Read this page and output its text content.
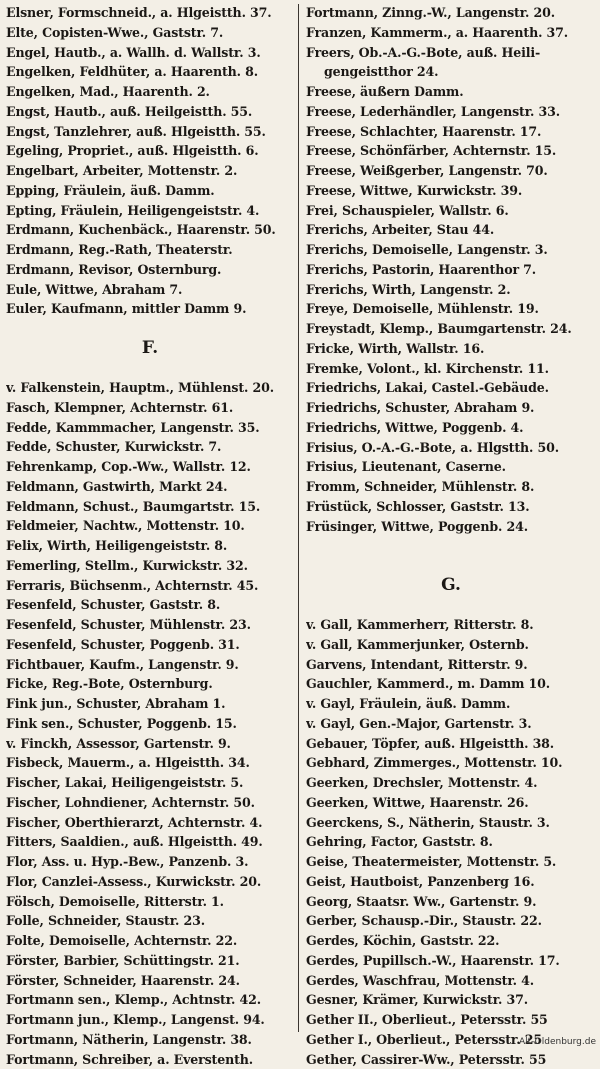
Elsner, Formschneid., a. Hlgeistth. 37.
Elte, Copisten-Wwe., Gaststr. 7.
Engel, Hautb., a. Wallh. d. Wallstr. 3.
Engelken, Feldhüter, a. Haarenth. 8.
Engelken, Mad., Haarenth. 2.
Engst, Hautb., auß. Heilgeistth. 55.
Engst, Tanzlehrer, auß. Hlgeistth. 55.
Egeling, Propriet., auß. Hlgeistth. 6.
Engelbart, Arbeiter, Mottenstr. 2.
Epping, Fräulein, äuß. Damm.
Epting, Fräulein, Heiligengeiststr. 4.
Erdmann, Kuchenbäck., Haarenstr. 50.
Erdmann, Reg.-Rath, Theaterstr.
Erdmann, Revisor, Osternburg.
Eule, Wittwe, Abraham 7.
Euler, Kaufmann, mittler Damm 9.
F.
v. Falkenstein, Hauptm., Mühlenst. 20.
Fasch, Klempner, Achternstr. 61.
Fedde, Kammmacher, Langenstr. 35.
Fedde, Schuster, Kurwickstr. 7.
Fehrenkamp, Cop.-Ww., Wallstr. 12.
Feldmann, Gastwirth, Markt 24.
Feldmann, Schust., Baumgartstr. 15.
Feldmeier, Nachtw., Mottenstr. 10.
Felix, Wirth, Heiligengeiststr. 8.
Femerling, Stellm., Kurwickstr. 32.
Ferraris, Büchsenm., Achternstr. 45.
Fesenfeld, Schuster, Gaststr. 8.
Fesenfeld, Schuster, Mühlenstr. 23.
Fesenfeld, Schuster, Poggenb. 31.
Fichtbauer, Kaufm., Langenstr. 9.
Ficke, Reg.-Bote, Osternburg.
Fink jun., Schuster, Abraham 1.
Fink sen., Schuster, Poggenb. 15.
v. Finckh, Assessor, Gartenstr. 9.
Fisbeck, Mauerm., a. Hlgeistth. 34.
Fischer, Lakai, Heiligengeiststr. 5.
Fischer, Lohndiener, Achternstr. 50.
Fischer, Oberthierarzt, Achternstr. 4.
Fitters, Saaldien., auß. Hlgeistth. 49.
Flor, Ass. u. Hyp.-Bew., Panzenb. 3.
Flor, Canzlei-Assess., Kurwickstr. 20.
Fölsch, Demoiselle, Ritterstr. 1.
Folle, Schneider, Staustr. 23.
Folte, Demoiselle, Achternstr. 22.
Förster, Barbier, Schüttingstr. 21.
Förster, Schneider, Haarenstr. 24.
Fortmann sen., Klemp., Achtnstr. 42.
Fortmann jun., Klemp., Langenst. 94.
Fortmann, Nätherin, Langenstr. 38.
Fortmann, Schreiber, a. Everstenth.
Fortmann, Zinng.-W., Langenstr. 20.
Franzen, Kammerm., a. Haarenth. 37.
Freers, Ob.-A.-G.-Bote, auß. Heili-
gengeistthor 24.
Freese, äußern Damm.
Freese, Lederhändler, Langenstr. 33.
Freese, Schlachter, Haarenstr. 17.
Freese, Schönfärber, Achternstr. 15.
Freese, Weißgerber, Langenstr. 70.
Freese, Wittwe, Kurwickstr. 39.
Frei, Schauspieler, Wallstr. 6.
Frerichs, Arbeiter, Stau 44.
Frerichs, Demoiselle, Langenstr. 3.
Frerichs, Pastorin, Haarenthor 7.
Frerichs, Wirth, Langenstr. 2.
Freye, Demoiselle, Mühlenstr. 19.
Freystadt, Klemp., Baumgartenstr. 24.
Fricke, Wirth, Wallstr. 16.
Fremke, Volont., kl. Kirchenstr. 11.
Friedrichs, Lakai, Castel.-Gebäude.
Friedrichs, Schuster, Abraham 9.
Friedrichs, Wittwe, Poggenb. 4.
Frisius, O.-A.-G.-Bote, a. Hlgstth. 50.
Frisius, Lieutenant, Caserne.
Fromm, Schneider, Mühlenstr. 8.
Früstück, Schlosser, Gaststr. 13.
Früsinger, Wittwe, Poggenb. 24.
G.
v. Gall, Kammerherr, Ritterstr. 8.
v. Gall, Kammerjunker, Osternb.
Garvens, Intendant, Ritterstr. 9.
Gauchler, Kammerd., m. Damm 10.
v. Gayl, Fräulein, äuß. Damm.
v. Gayl, Gen.-Major, Gartenstr. 3.
Gebauer, Töpfer, auß. Hlgeistth. 38.
Gebhard, Zimmerges., Mottenstr. 10.
Geerken, Drechsler, Mottenstr. 4.
Geerken, Wittwe, Haarenstr. 26.
Geerckens, S., Nätherin, Staustr. 3.
Gehring, Factor, Gaststr. 8.
Geise, Theatermeister, Mottenstr. 5.
Geist, Hautboist, Panzenberg 16.
Georg, Staatsr. Ww., Gartenstr. 9.
Gerber, Schausp.-Dir., Staustr. 22.
Gerdes, Köchin, Gaststr. 22.
Gerdes, Pupillsch.-W., Haarenstr. 17.
Gerdes, Waschfrau, Mottenstr. 4.
Gesner, Krämer, Kurwickstr. 37.
Gether II., Oberlieut., Petersstr. 55
Gether I., Oberlieut., Petersstr. 25
Gether, Cassirer-Ww., Petersstr. 55
Alt-Oldenburg.de
